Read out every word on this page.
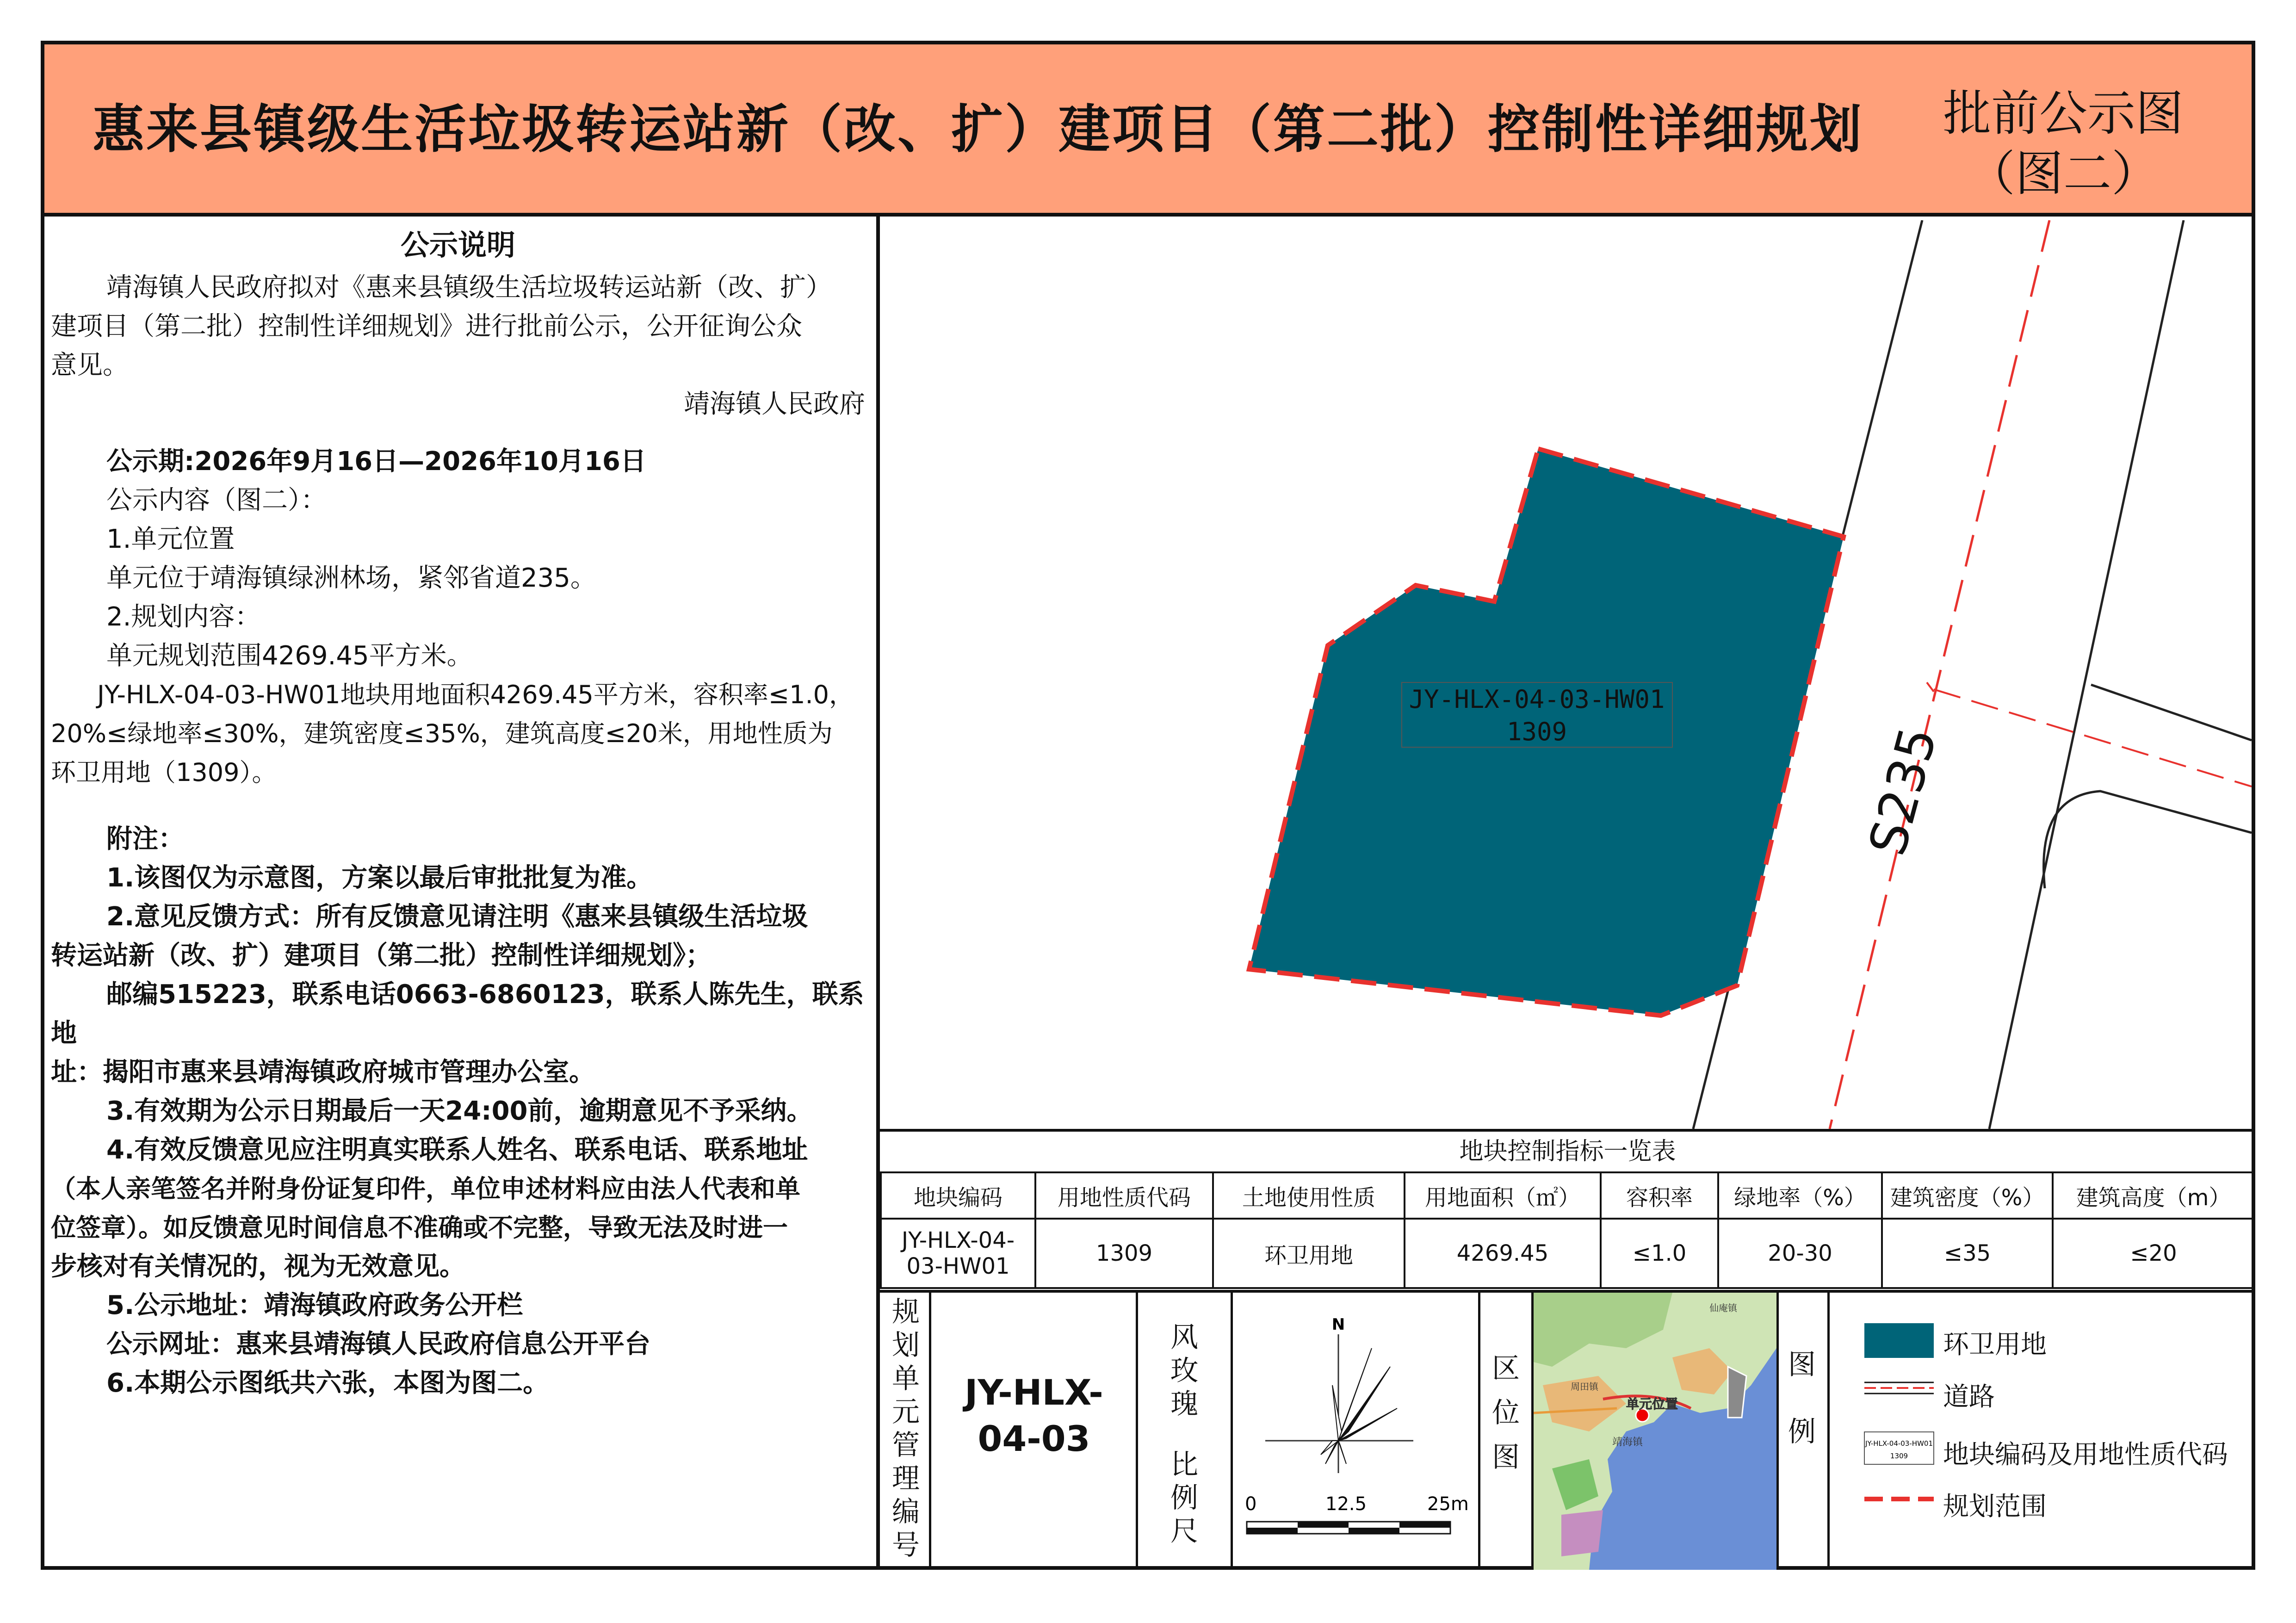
惠来县镇级生活垃圾转运站新（改、扩）建项目（第二批）控制性详细规划 批前公示图
（图二）

公示说明

靖海镇人民政府拟对《惠来县镇级生活垃圾转运站新（改、扩）

建项目（第二批）控制性详细规划》进行批前公示，公开征询公众

意见。

靖海镇人民政府

公示期:2026年9月16日—2026年10月16日

公示内容（图二）：

1.单元位置

单元位于靖海镇绿洲林场，紧邻省道235。

2.规划内容：

单元规划范围4269.45平方米。

JY-HLX-04-03-HW01地块用地面积4269.45平方米，容积率≤1.0，

20%≤绿地率≤30%，建筑密度≤35%，建筑高度≤20米，用地性质为

环卫用地（1309）。

附注：

1.该图仅为示意图，方案以最后审批批复为准。

2.意见反馈方式：所有反馈意见请注明《惠来县镇级生活垃圾

转运站新（改、扩）建项目（第二批）控制性详细规划》；

邮编515223，联系电话0663-6860123，联系人陈先生，联系地

址：揭阳市惠来县靖海镇政府城市管理办公室。

3.有效期为公示日期最后一天24:00前，逾期意见不予采纳。

4.有效反馈意见应注明真实联系人姓名、联系电话、联系地址

（本人亲笔签名并附身份证复印件，单位申述材料应由法人代表和单

位签章）。如反馈意见时间信息不准确或不完整，导致无法及时进一

步核对有关情况的，视为无效意见。

5.公示地址：靖海镇政府政务公开栏

公示网址：惠来县靖海镇人民政府信息公开平台

6.本期公示图纸共六张，本图为图二。

JY-HLX-04-03-HW01
1309	S235
地块控制指标一览表
地块编码	用地性质代码	土地使用性质	用地面积（㎡）	容积率	绿地率（%）	建筑密度（%）	建筑高度（m）

JY-HLX-04-
03-HW01	1309	环卫用地	4269.45	≤1.0	20-30	≤35	≤20
规
划
单
元
管
理
编
号
JY-HLX-
04-03
风
玫
瑰
比
例
尺
N
0	12.5	25m
区
位
图
单元位置
靖海镇
仙庵镇
周田镇
图
例	JY-HLX-04-03-HW01
1309
环卫用地
道路
地块编码及用地性质代码
规划范围
